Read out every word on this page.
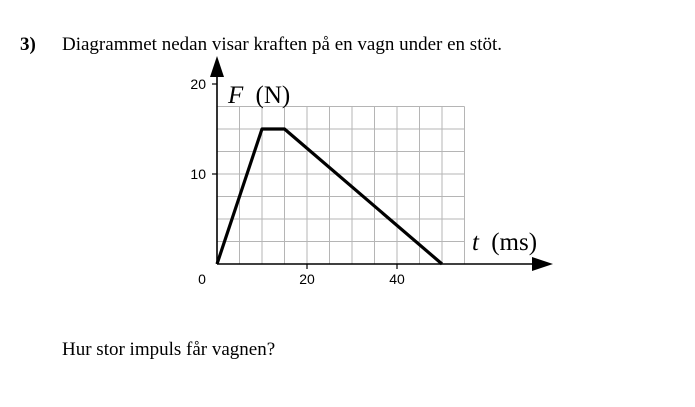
3) Diagrammet nedan visar kraften på en vagn under en stöt.
20
10
0	20	40
F (N)
t (ms)
Hur stor impuls får vagnen?
